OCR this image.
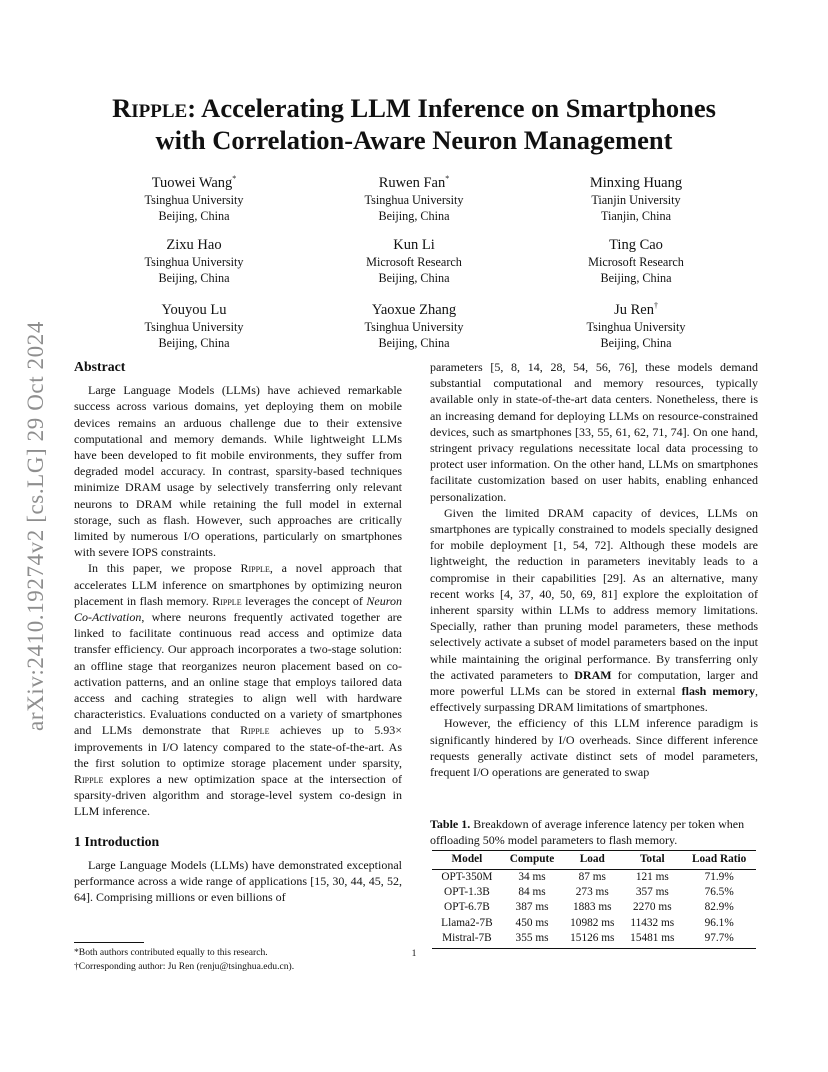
arXiv:2410.19274v2 [cs.LG] 29 Oct 2024
Ripple: Accelerating LLM Inference on Smartphones
with Correlation-Aware Neuron Management
Tuowei Wang*
Tsinghua University
Beijing, China
Ruwen Fan*
Tsinghua University
Beijing, China
Minxing Huang
Tianjin University
Tianjin, China
Zixu Hao
Tsinghua University
Beijing, China
Kun Li
Microsoft Research
Beijing, China
Ting Cao
Microsoft Research
Beijing, China
Youyou Lu
Tsinghua University
Beijing, China
Yaoxue Zhang
Tsinghua University
Beijing, China
Ju Ren†
Tsinghua University
Beijing, China
Abstract

Large Language Models (LLMs) have achieved remarkable success across various domains, yet deploying them on mobile devices remains an arduous challenge due to their extensive computational and memory demands. While lightweight LLMs have been developed to fit mobile environments, they suffer from degraded model accuracy. In contrast, sparsity-based techniques minimize DRAM usage by selectively transferring only relevant neurons to DRAM while retaining the full model in external storage, such as flash. However, such approaches are critically limited by numerous I/O operations, particularly on smartphones with severe IOPS constraints.

In this paper, we propose Ripple, a novel approach that accelerates LLM inference on smartphones by optimizing neuron placement in flash memory. Ripple leverages the concept of Neuron Co-Activation, where neurons frequently activated together are linked to facilitate continuous read access and optimize data transfer efficiency. Our approach incorporates a two-stage solution: an offline stage that reorganizes neuron placement based on co-activation patterns, and an online stage that employs tailored data access and caching strategies to align well with hardware characteristics. Evaluations conducted on a variety of smartphones and LLMs demonstrate that Ripple achieves up to 5.93× improvements in I/O latency compared to the state-of-the-art. As the first solution to optimize storage placement under sparsity, Ripple explores a new optimization space at the intersection of sparsity-driven algorithm and storage-level system co-design in LLM inference.

1 Introduction

Large Language Models (LLMs) have demonstrated exceptional performance across a wide range of applications [15, 30, 44, 45, 52, 64]. Comprising millions or even billions of

*Both authors contributed equally to this research.

†Corresponding author: Ju Ren (renju@tsinghua.edu.cn).

parameters [5, 8, 14, 28, 54, 56, 76], these models demand substantial computational and memory resources, typically available only in state-of-the-art data centers. Nonetheless, there is an increasing demand for deploying LLMs on resource-constrained devices, such as smartphones [33, 55, 61, 62, 71, 74]. On one hand, stringent privacy regulations necessitate local data processing to protect user information. On the other hand, LLMs on smartphones facilitate customization based on user habits, enabling enhanced personalization.

Given the limited DRAM capacity of devices, LLMs on smartphones are typically constrained to models specially designed for mobile deployment [1, 54, 72]. Although these models are lightweight, the reduction in parameters inevitably leads to a compromise in their capabilities [29]. As an alternative, many recent works [4, 37, 40, 50, 69, 81] explore the exploitation of inherent sparsity within LLMs to address memory limitations. Specially, rather than pruning model parameters, these methods selectively activate a subset of model parameters based on the input while maintaining the original performance. By transferring only the activated parameters to DRAM for computation, larger and more powerful LLMs can be stored in external flash memory, effectively surpassing DRAM limitations of smartphones.

However, the efficiency of this LLM inference paradigm is significantly hindered by I/O overheads. Since different inference requests generally activate distinct sets of model parameters, frequent I/O operations are generated to swap

Table 1. Breakdown of average inference latency per token when offloading 50% model parameters to flash memory.
Model	Compute	Load	Total	Load Ratio
OPT-350M	34 ms	87 ms	121 ms	71.9%
OPT-1.3B	84 ms	273 ms	357 ms	76.5%
OPT-6.7B	387 ms	1883 ms	2270 ms	82.9%
Llama2-7B	450 ms	10982 ms	11432 ms	96.1%
Mistral-7B	355 ms	15126 ms	15481 ms	97.7%
1
